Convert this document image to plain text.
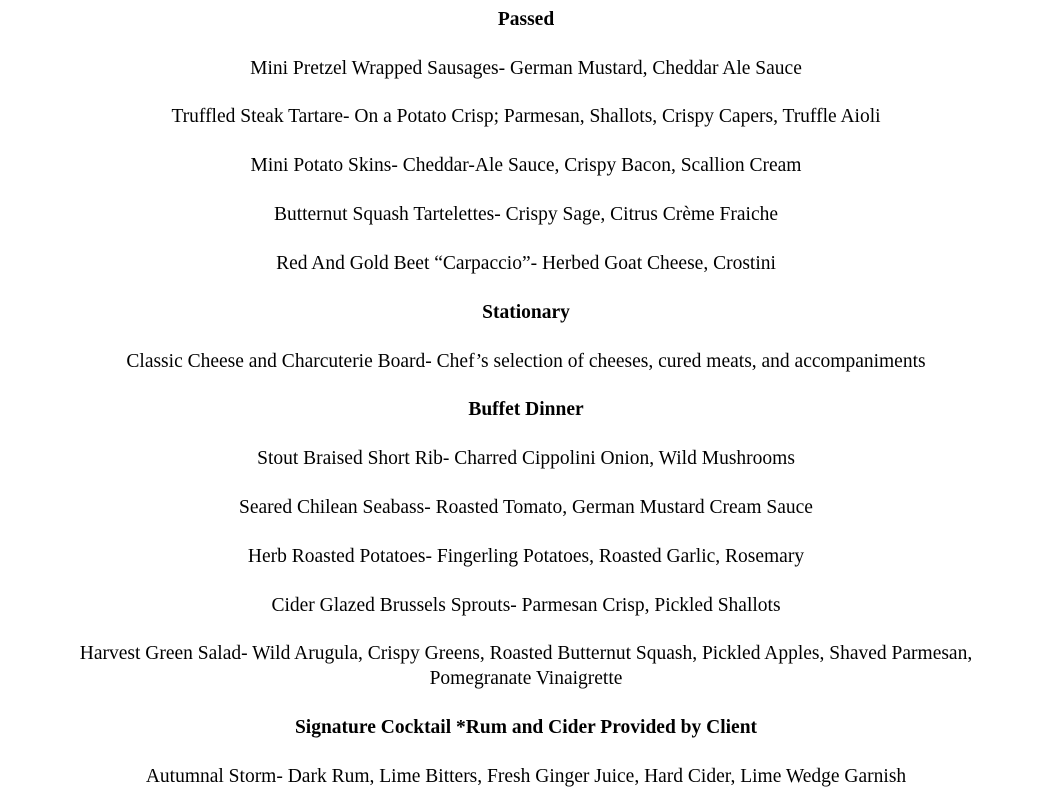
Passed
Mini Pretzel Wrapped Sausages- German Mustard, Cheddar Ale Sauce
Truffled Steak Tartare- On a Potato Crisp; Parmesan, Shallots, Crispy Capers, Truffle Aioli
Mini Potato Skins- Cheddar-Ale Sauce, Crispy Bacon, Scallion Cream
Butternut Squash Tartelettes- Crispy Sage, Citrus Crème Fraiche
Red And Gold Beet “Carpaccio”- Herbed Goat Cheese, Crostini
Stationary
Classic Cheese and Charcuterie Board- Chef’s selection of cheeses, cured meats, and accompaniments
Buffet Dinner
Stout Braised Short Rib- Charred Cippolini Onion, Wild Mushrooms
Seared Chilean Seabass- Roasted Tomato, German Mustard Cream Sauce
Herb Roasted Potatoes- Fingerling Potatoes, Roasted Garlic, Rosemary
Cider Glazed Brussels Sprouts- Parmesan Crisp, Pickled Shallots
Harvest Green Salad- Wild Arugula, Crispy Greens, Roasted Butternut Squash, Pickled Apples, Shaved Parmesan,
Pomegranate Vinaigrette
Signature Cocktail *Rum and Cider Provided by Client
Autumnal Storm- Dark Rum, Lime Bitters, Fresh Ginger Juice, Hard Cider, Lime Wedge Garnish
